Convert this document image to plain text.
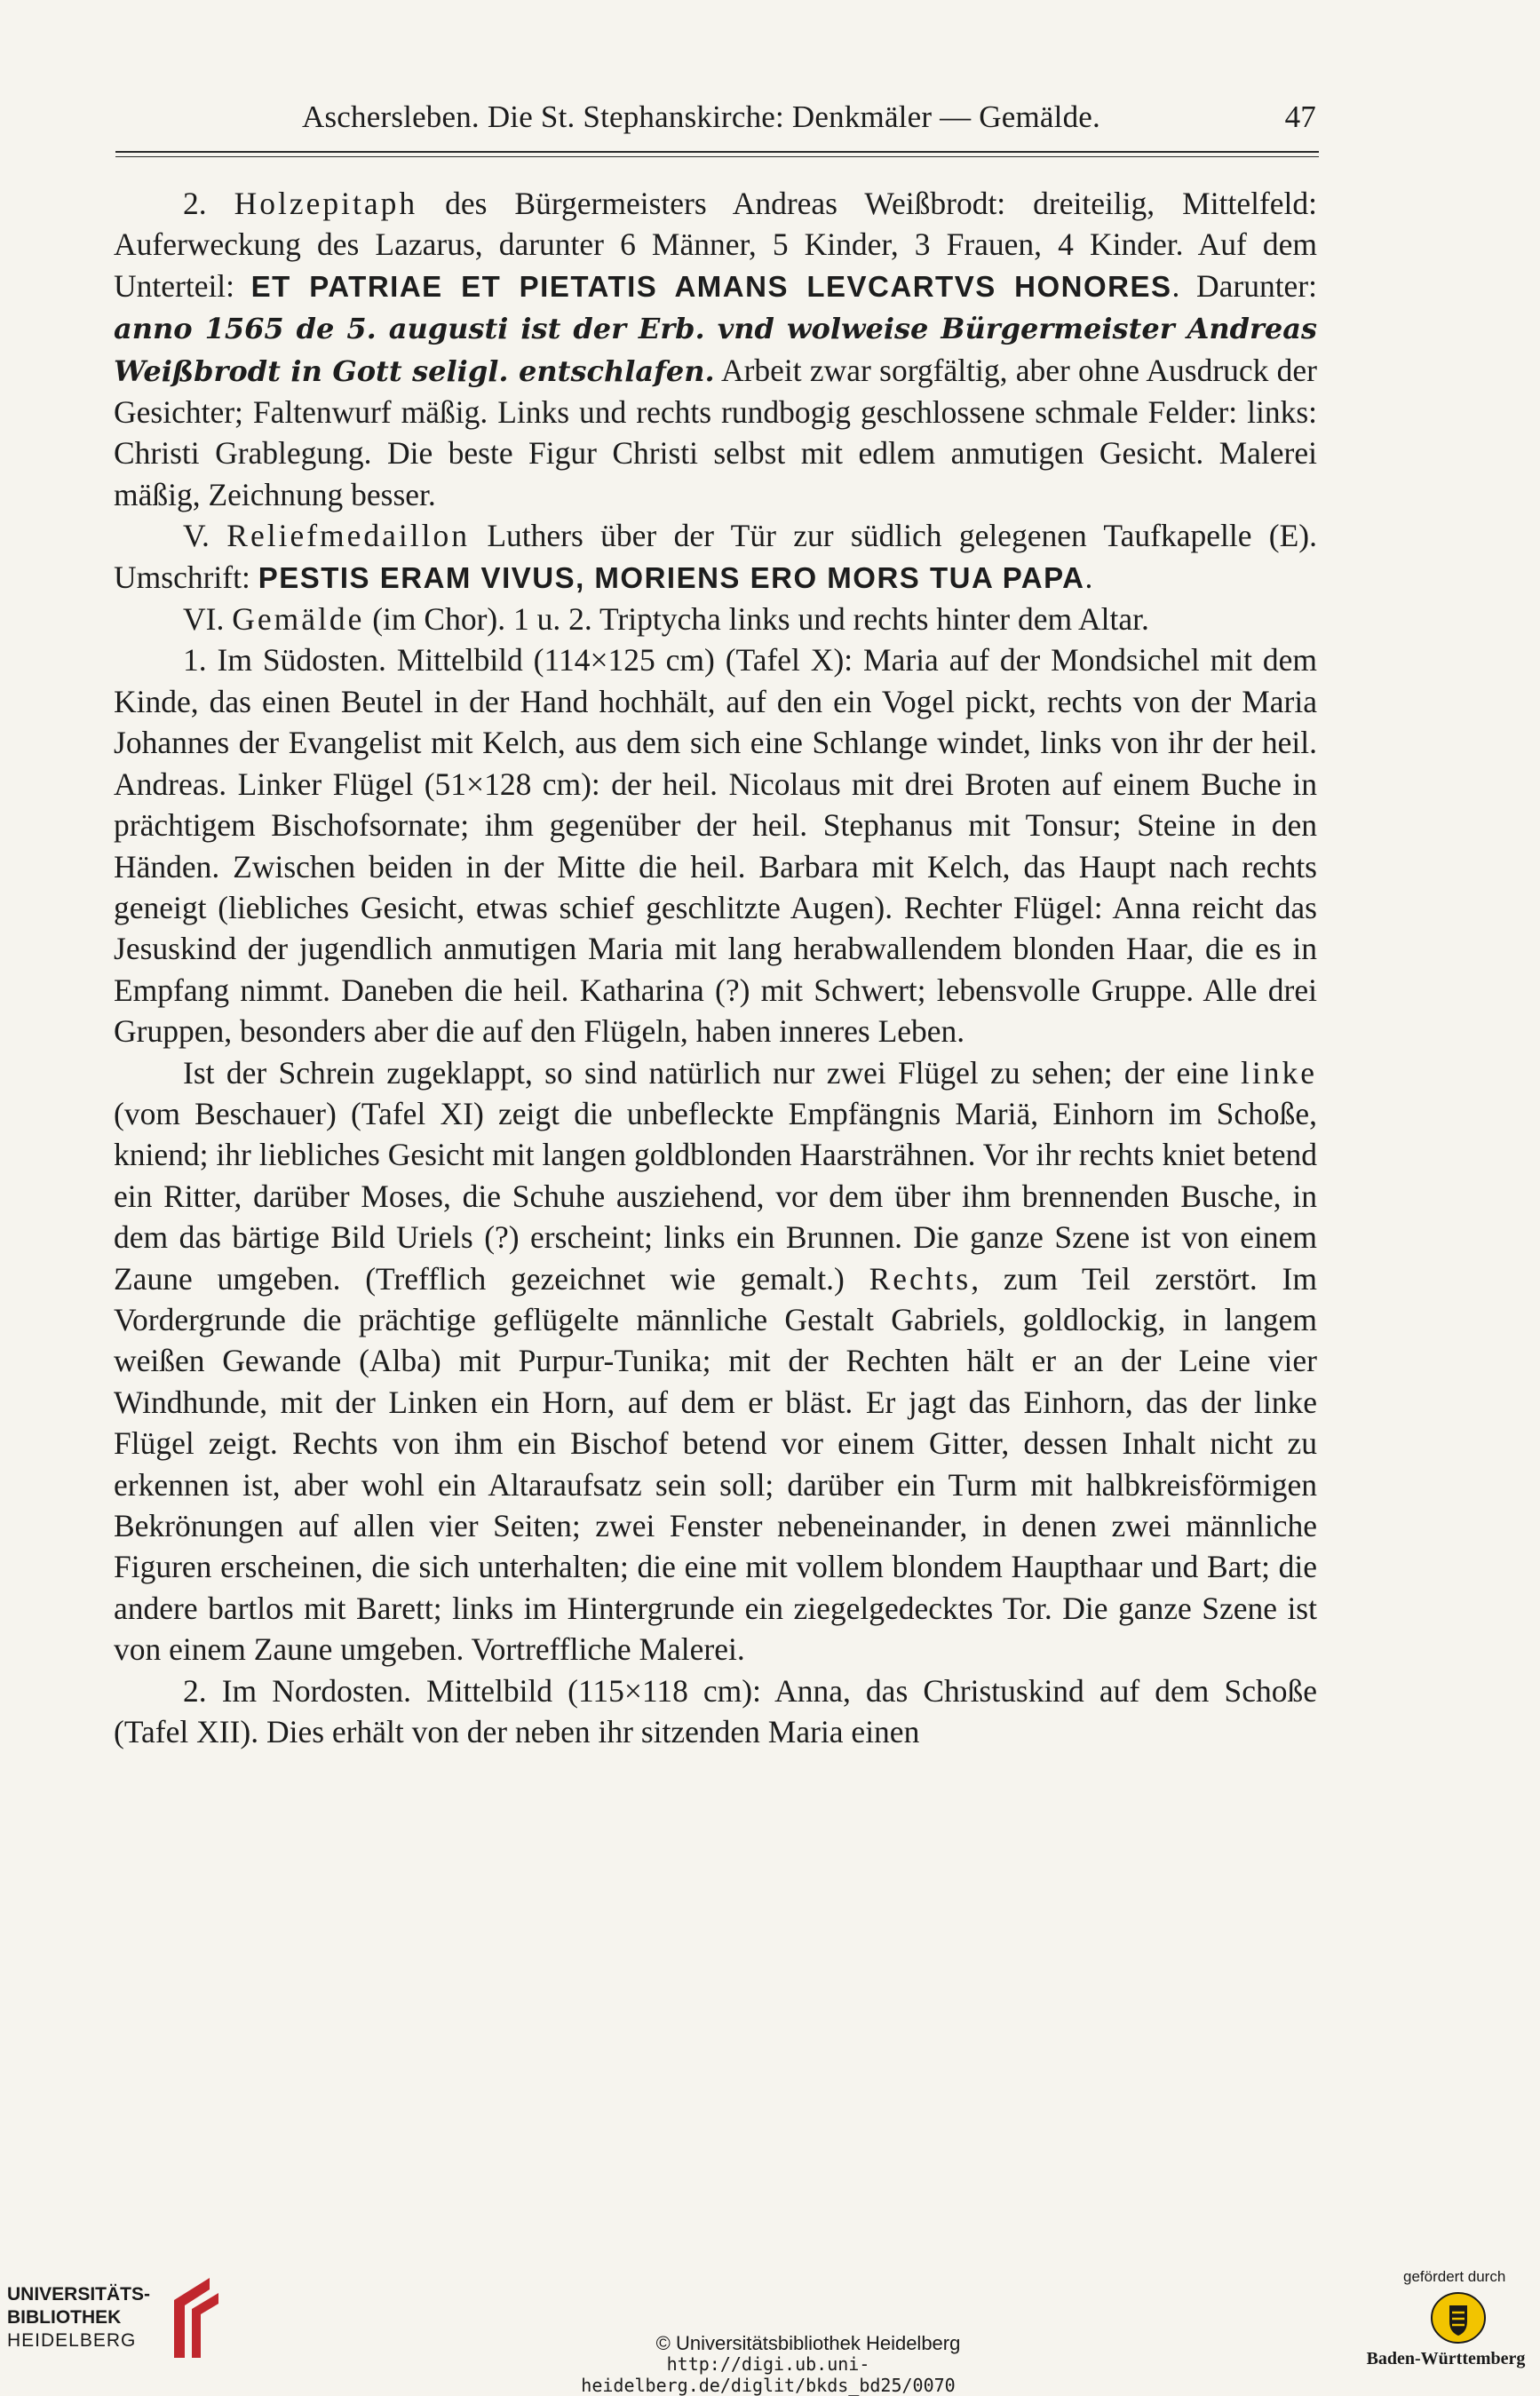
Aschersleben. Die St. Stephanskirche: Denkmäler — Gemälde.	47

2. Holzepitaph des Bürgermeisters Andreas Weißbrodt: dreiteilig, Mittelfeld: Auferweckung des Lazarus, darunter 6 Männer, 5 Kinder, 3 Frauen, 4 Kinder. Auf dem Unterteil: ET PATRIAE ET PIETATIS AMANS LEVCARTVS HONORES. Darunter: anno 1565 de 5. augusti ist der Erb. vnd wolweise Bürgermeister Andreas Weißbrodt in Gott seligl. entschlafen. Arbeit zwar sorgfältig, aber ohne Ausdruck der Gesichter; Faltenwurf mäßig. Links und rechts rundbogig geschlossene schmale Felder: links: Christi Grablegung. Die beste Figur Christi selbst mit edlem anmutigen Gesicht. Malerei mäßig, Zeichnung besser.

V. Reliefmedaillon Luthers über der Tür zur südlich gelegenen Taufkapelle (E). Umschrift: PESTIS ERAM VIVUS, MORIENS ERO MORS TUA PAPA.

VI. Gemälde (im Chor). 1 u. 2. Triptycha links und rechts hinter dem Altar.

1. Im Südosten. Mittelbild (114×125 cm) (Tafel X): Maria auf der Mondsichel mit dem Kinde, das einen Beutel in der Hand hochhält, auf den ein Vogel pickt, rechts von der Maria Johannes der Evangelist mit Kelch, aus dem sich eine Schlange windet, links von ihr der heil. Andreas. Linker Flügel (51×128 cm): der heil. Nicolaus mit drei Broten auf einem Buche in prächtigem Bischofsornate; ihm gegenüber der heil. Stephanus mit Tonsur; Steine in den Händen. Zwischen beiden in der Mitte die heil. Barbara mit Kelch, das Haupt nach rechts geneigt (liebliches Gesicht, etwas schief geschlitzte Augen). Rechter Flügel: Anna reicht das Jesuskind der jugendlich anmutigen Maria mit lang herabwallendem blonden Haar, die es in Empfang nimmt. Daneben die heil. Katharina (?) mit Schwert; lebensvolle Gruppe. Alle drei Gruppen, besonders aber die auf den Flügeln, haben inneres Leben.

Ist der Schrein zugeklappt, so sind natürlich nur zwei Flügel zu sehen; der eine linke (vom Beschauer) (Tafel XI) zeigt die unbefleckte Empfängnis Mariä, Einhorn im Schoße, kniend; ihr liebliches Gesicht mit langen goldblonden Haarsträhnen. Vor ihr rechts kniet betend ein Ritter, darüber Moses, die Schuhe ausziehend, vor dem über ihm brennenden Busche, in dem das bärtige Bild Uriels (?) erscheint; links ein Brunnen. Die ganze Szene ist von einem Zaune umgeben. (Trefflich gezeichnet wie gemalt.) Rechts, zum Teil zerstört. Im Vordergrunde die prächtige geflügelte männliche Gestalt Gabriels, goldlockig, in langem weißen Gewande (Alba) mit Purpur-Tunika; mit der Rechten hält er an der Leine vier Windhunde, mit der Linken ein Horn, auf dem er bläst. Er jagt das Einhorn, das der linke Flügel zeigt. Rechts von ihm ein Bischof betend vor einem Gitter, dessen Inhalt nicht zu erkennen ist, aber wohl ein Altaraufsatz sein soll; darüber ein Turm mit halbkreisförmigen Bekrönungen auf allen vier Seiten; zwei Fenster nebeneinander, in denen zwei männliche Figuren erscheinen, die sich unterhalten; die eine mit vollem blondem Haupthaar und Bart; die andere bartlos mit Barett; links im Hintergrunde ein ziegelgedecktes Tor. Die ganze Szene ist von einem Zaune umgeben. Vortreffliche Malerei.

2. Im Nordosten. Mittelbild (115×118 cm): Anna, das Christuskind auf dem Schoße (Tafel XII). Dies erhält von der neben ihr sitzenden Maria einen

UNIVERSITÄTS-
BIBLIOTHEK
HEIDELBERG	© Universitätsbibliothek Heidelberg
http://digi.ub.uni-heidelberg.de/diglit/bkds_bd25/0070
gefördert durch
Baden-Württemberg
